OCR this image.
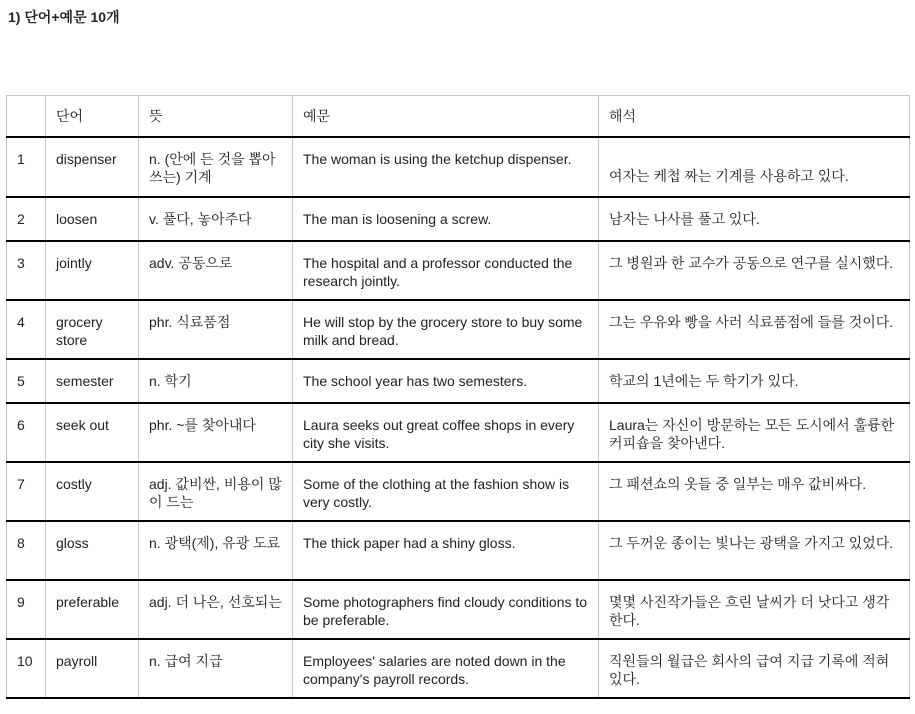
1) 단어+예문 10개
	단어	뜻	예문	해석
1	dispenser	n. (안에 든 것을 뽑아 쓰는) 기계	The woman is using the ketchup dispenser.	여자는 케첩 짜는 기계를 사용하고 있다.
2	loosen	v. 풀다, 놓아주다	The man is loosening a screw.	남자는 나사를 풀고 있다.
3	jointly	adv. 공동으로	The hospital and a professor conducted the research jointly.	그 병원과 한 교수가 공동으로 연구를 실시했다.
4	grocery store	phr. 식료품점	He will stop by the grocery store to buy some milk and bread.	그는 우유와 빵을 사러 식료품점에 들를 것이다.
5	semester	n. 학기	The school year has two semesters.	학교의 1년에는 두 학기가 있다.
6	seek out	phr. ~를 찾아내다	Laura seeks out great coffee shops in every city she visits.	Laura는 자신이 방문하는 모든 도시에서 훌륭한 커피숍을 찾아낸다.
7	costly	adj. 값비싼, 비용이 많이 드는	Some of the clothing at the fashion show is very costly.	그 패션쇼의 옷들 중 일부는 매우 값비싸다.
8	gloss	n. 광택(제), 유광 도료	The thick paper had a shiny gloss.	그 두꺼운 종이는 빛나는 광택을 가지고 있었다.
9	preferable	adj. 더 나은, 선호되는	Some photographers find cloudy conditions to be preferable.	몇몇 사진작가들은 흐린 날씨가 더 낫다고 생각한다.
10	payroll	n. 급여 지급	Employees' salaries are noted down in the company's payroll records.	직원들의 월급은 회사의 급여 지급 기록에 적혀있다.
